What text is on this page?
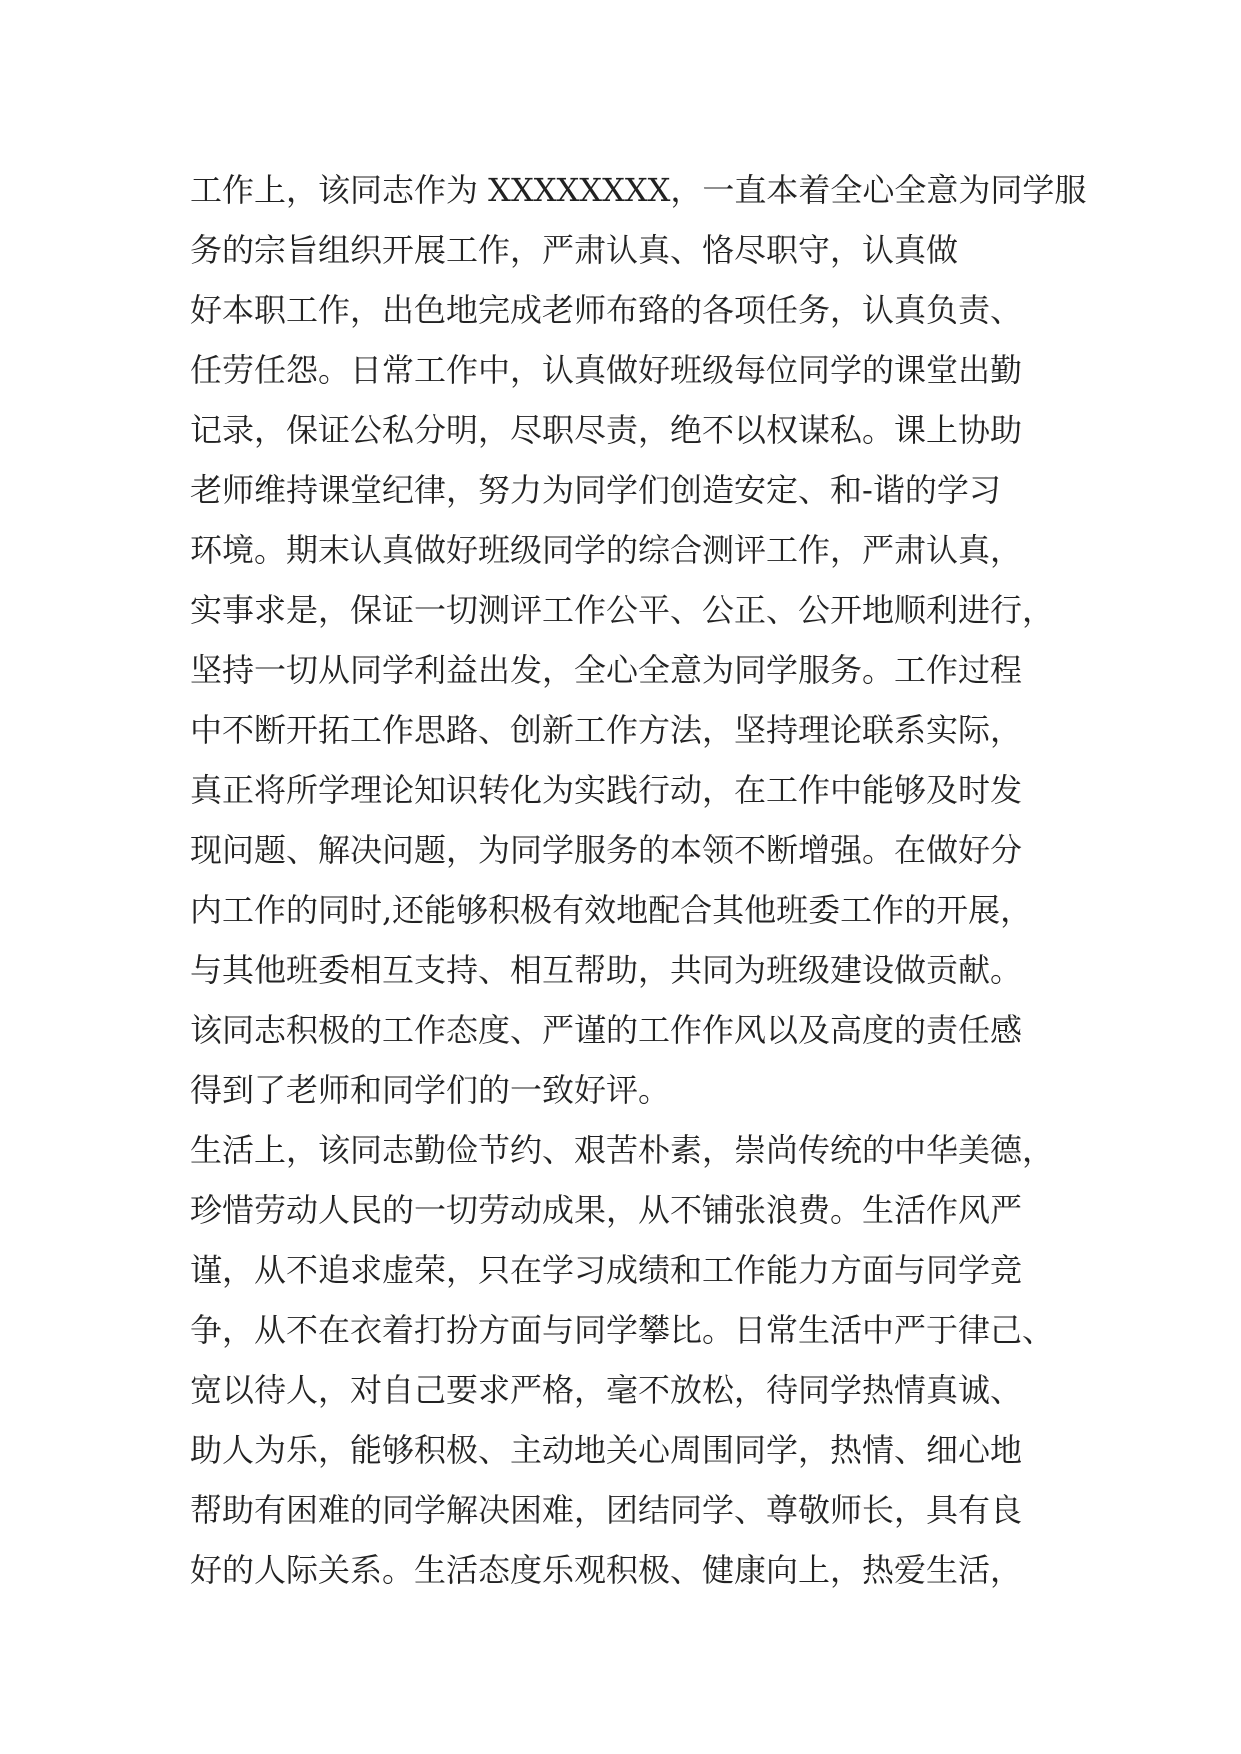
工作上，该同志作为 XXXXXXXX，一直本着全心全意为同学服
务的宗旨组织开展工作，严肃认真、恪尽职守，认真做
好本职工作，出色地完成老师布臵的各项任务，认真负责、
任劳任怨。日常工作中，认真做好班级每位同学的课堂出勤
记录，保证公私分明，尽职尽责，绝不以权谋私。课上协助
老师维持课堂纪律，努力为同学们创造安定、和-谐的学习
环境。期末认真做好班级同学的综合测评工作，严肃认真，
实事求是，保证一切测评工作公平、公正、公开地顺利进行，
坚持一切从同学利益出发，全心全意为同学服务。工作过程
中不断开拓工作思路、创新工作方法，坚持理论联系实际，
真正将所学理论知识转化为实践行动，在工作中能够及时发
现问题、解决问题，为同学服务的本领不断增强。在做好分
内工作的同时,还能够积极有效地配合其他班委工作的开展，
与其他班委相互支持、相互帮助，共同为班级建设做贡献。
该同志积极的工作态度、严谨的工作作风以及高度的责任感
得到了老师和同学们的一致好评。
生活上，该同志勤俭节约、艰苦朴素，崇尚传统的中华美德，
珍惜劳动人民的一切劳动成果，从不铺张浪费。生活作风严
谨，从不追求虚荣，只在学习成绩和工作能力方面与同学竞
争，从不在衣着打扮方面与同学攀比。日常生活中严于律己、
宽以待人，对自己要求严格，毫不放松，待同学热情真诚、
助人为乐，能够积极、主动地关心周围同学，热情、细心地
帮助有困难的同学解决困难，团结同学、尊敬师长，具有良
好的人际关系。生活态度乐观积极、健康向上，热爱生活，
